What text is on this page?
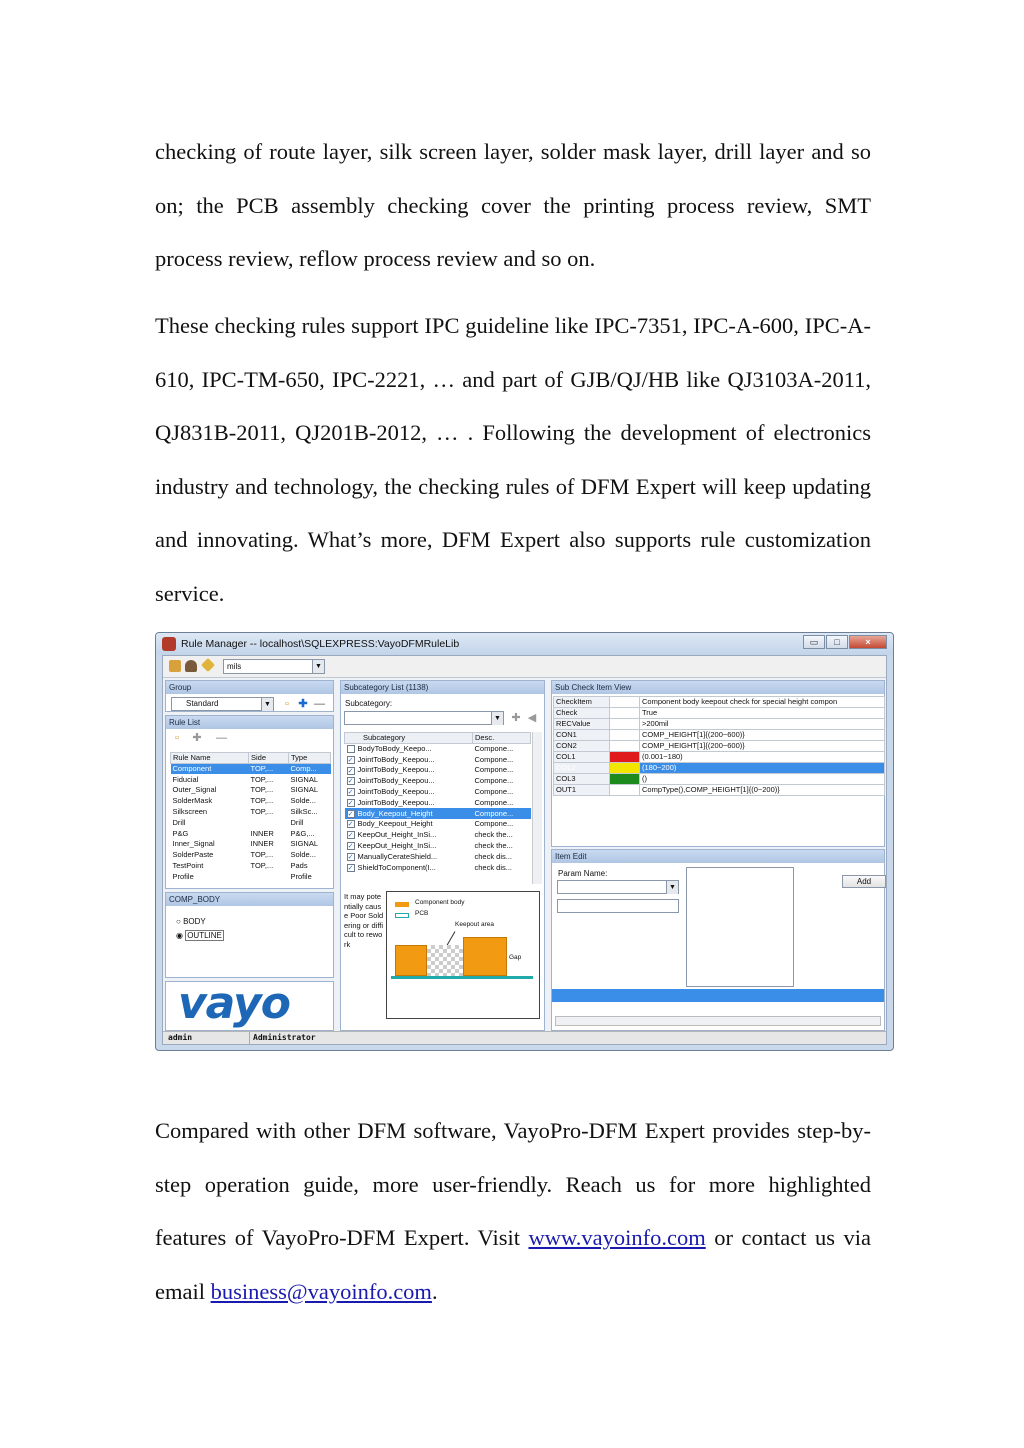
checking of route layer, silk screen layer, solder mask layer, drill layer and so on; the PCB assembly checking cover the printing process review, SMT process review, reflow process review and so on.
These checking rules support IPC guideline like IPC-7351, IPC-A-600, IPC-A-610, IPC-TM-650, IPC-2221, … and part of GJB/QJ/HB like QJ3103A-2011, QJ831B-2011, QJ201B-2012, … . Following the development of electronics industry and technology, the checking rules of DFM Expert will keep updating and innovating. What’s more, DFM Expert also supports rule customization service.
Rule Manager -- localhost\SQLEXPRESS:VayoDFMRuleLib	▭	□	×
mils	▼
Group
Standard	▼ ▫ ✚ —
Rule List
▫ ✚ —
Rule Name	Side	Type
Component	TOP,...	Comp...
Fiducial	TOP,...	SIGNAL
Outer_Signal	TOP,...	SIGNAL
SolderMask	TOP,...	Solde...
Silkscreen	TOP,...	SilkSc...
Drill		Drill
P&G	INNER	P&G,...
Inner_Signal	INNER	SIGNAL
SolderPaste	TOP,...	Solde...
TestPoint	TOP,...	Pads
Profile		Profile
COMP_BODY
○ BODY
◉ OUTLINE
vayo
Subcategory List (1138)
Subcategory:
▼ ✚ ◀
Subcategory	Desc.
BodyToBody_Keepo...	Compone...
✓ JointToBody_Keepou...	Compone...
✓ JointToBody_Keepou...	Compone...
✓ JointToBody_Keepou...	Compone...
✓ JointToBody_Keepou...	Compone...
✓ JointToBody_Keepou...	Compone...
✓ Body_Keepout_Height	Compone...
✓ Body_Keepout_Height	Compone...
✓ KeepOut_Height_InSi...	check the...
✓ KeepOut_Height_InSi...	check the...
✓ ManuallyCerateShield...	check dis...
✓ ShieldToComponent(I...	check dis...
It may potentially cause Poor Soldering or difficult to rework
Component body
PCB
Keepout area
Gap
Sub Check Item View
CheckItem		Component body keepout check for special height compon
Check		True
RECValue		>200mil
CON1		COMP_HEIGHT[1]{(200~600)}
CON2		COMP_HEIGHT[1]{(200~600)}
COL1		(0.001~180)
COL2		(180~200)
COL3		()
OUT1		CompType(),COMP_HEIGHT[1]{(0~200)}
Item Edit
Param Name:
▼
Add
admin	Administrator
Compared with other DFM software, VayoPro-DFM Expert provides step-by-step operation guide, more user-friendly. Reach us for more highlighted features of VayoPro-DFM Expert. Visit www.vayoinfo.com or contact us via email business@vayoinfo.com.
